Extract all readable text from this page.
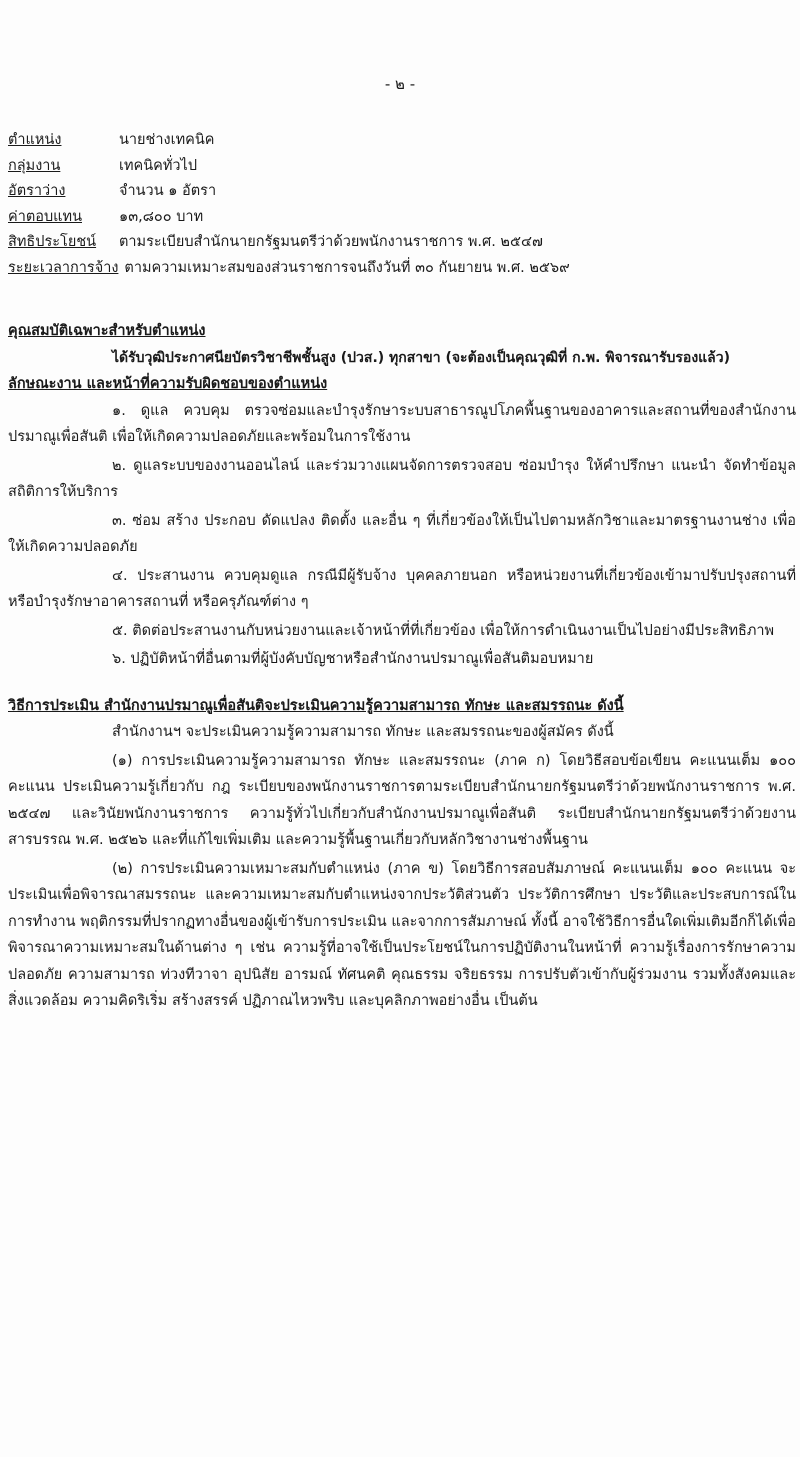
- ๒ -
ตำแหน่ง	นายช่างเทคนิค
กลุ่มงาน	เทคนิคทั่วไป
อัตราว่าง	จำนวน ๑ อัตรา
ค่าตอบแทน	๑๓,๘๐๐ บาท
สิทธิประโยชน์	ตามระเบียบสำนักนายกรัฐมนตรีว่าด้วยพนักงานราชการ พ.ศ. ๒๕๔๗
ระยะเวลาการจ้าง ตามความเหมาะสมของส่วนราชการจนถึงวันที่ ๓๐ กันยายน พ.ศ. ๒๕๖๙
คุณสมบัติเฉพาะสำหรับตำแหน่ง
ได้รับวุฒิประกาศนียบัตรวิชาชีพชั้นสูง (ปวส.) ทุกสาขา (จะต้องเป็นคุณวุฒิที่ ก.พ. พิจารณารับรองแล้ว)
ลักษณะงาน และหน้าที่ความรับผิดชอบของตำแหน่ง

๑. ดูแล ควบคุม ตรวจซ่อมและบำรุงรักษาระบบสาธารณูปโภคพื้นฐานของอาคารและสถานที่ของสำนักงานปรมาณูเพื่อสันติ เพื่อให้เกิดความปลอดภัยและพร้อมในการใช้งาน

๒. ดูแลระบบของงานออนไลน์ และร่วมวางแผนจัดการตรวจสอบ ซ่อมบำรุง ให้คำปรึกษา แนะนำ จัดทำข้อมูลสถิติการให้บริการ

๓. ซ่อม สร้าง ประกอบ ดัดแปลง ติดตั้ง และอื่น ๆ ที่เกี่ยวข้องให้เป็นไปตามหลักวิชาและมาตรฐานงานช่าง เพื่อให้เกิดความปลอดภัย

๔. ประสานงาน ควบคุมดูแล กรณีมีผู้รับจ้าง บุคคลภายนอก หรือหน่วยงานที่เกี่ยวข้องเข้ามาปรับปรุงสถานที่ หรือบำรุงรักษาอาคารสถานที่ หรือครุภัณฑ์ต่าง ๆ

๕. ติดต่อประสานงานกับหน่วยงานและเจ้าหน้าที่ที่เกี่ยวข้อง เพื่อให้การดำเนินงานเป็นไปอย่างมีประสิทธิภาพ

๖. ปฏิบัติหน้าที่อื่นตามที่ผู้บังคับบัญชาหรือสำนักงานปรมาณูเพื่อสันติมอบหมาย

วิธีการประเมิน สำนักงานปรมาณูเพื่อสันติจะประเมินความรู้ความสามารถ ทักษะ และสมรรถนะ ดังนี้

สำนักงานฯ จะประเมินความรู้ความสามารถ ทักษะ และสมรรถนะของผู้สมัคร ดังนี้

(๑) การประเมินความรู้ความสามารถ ทักษะ และสมรรถนะ (ภาค ก) โดยวิธีสอบข้อเขียน คะแนนเต็ม ๑๐๐ คะแนน ประเมินความรู้เกี่ยวกับ กฎ ระเบียบของพนักงานราชการตามระเบียบสำนักนายกรัฐมนตรีว่าด้วยพนักงานราชการ พ.ศ. ๒๕๔๗ และวินัยพนักงานราชการ ความรู้ทั่วไปเกี่ยวกับสำนักงานปรมาณูเพื่อสันติ ระเบียบสำนักนายกรัฐมนตรีว่าด้วยงานสารบรรณ พ.ศ. ๒๕๒๖ และที่แก้ไขเพิ่มเติม และความรู้พื้นฐานเกี่ยวกับหลักวิชางานช่างพื้นฐาน

(๒) การประเมินความเหมาะสมกับตำแหน่ง (ภาค ข) โดยวิธีการสอบสัมภาษณ์ คะแนนเต็ม ๑๐๐ คะแนน จะประเมินเพื่อพิจารณาสมรรถนะ และความเหมาะสมกับตำแหน่งจากประวัติส่วนตัว ประวัติการศึกษา ประวัติและประสบการณ์ในการทำงาน พฤติกรรมที่ปรากฏทางอื่นของผู้เข้ารับการประเมิน และจากการสัมภาษณ์ ทั้งนี้ อาจใช้วิธีการอื่นใดเพิ่มเติมอีกก็ได้เพื่อพิจารณาความเหมาะสมในด้านต่าง ๆ เช่น ความรู้ที่อาจใช้เป็นประโยชน์ในการปฏิบัติงานในหน้าที่ ความรู้เรื่องการรักษาความปลอดภัย ความสามารถ ท่วงทีวาจา อุปนิสัย อารมณ์ ทัศนคติ คุณธรรม จริยธรรม การปรับตัวเข้ากับผู้ร่วมงาน รวมทั้งสังคมและสิ่งแวดล้อม ความคิดริเริ่ม สร้างสรรค์ ปฏิภาณไหวพริบ และบุคลิกภาพอย่างอื่น เป็นต้น
